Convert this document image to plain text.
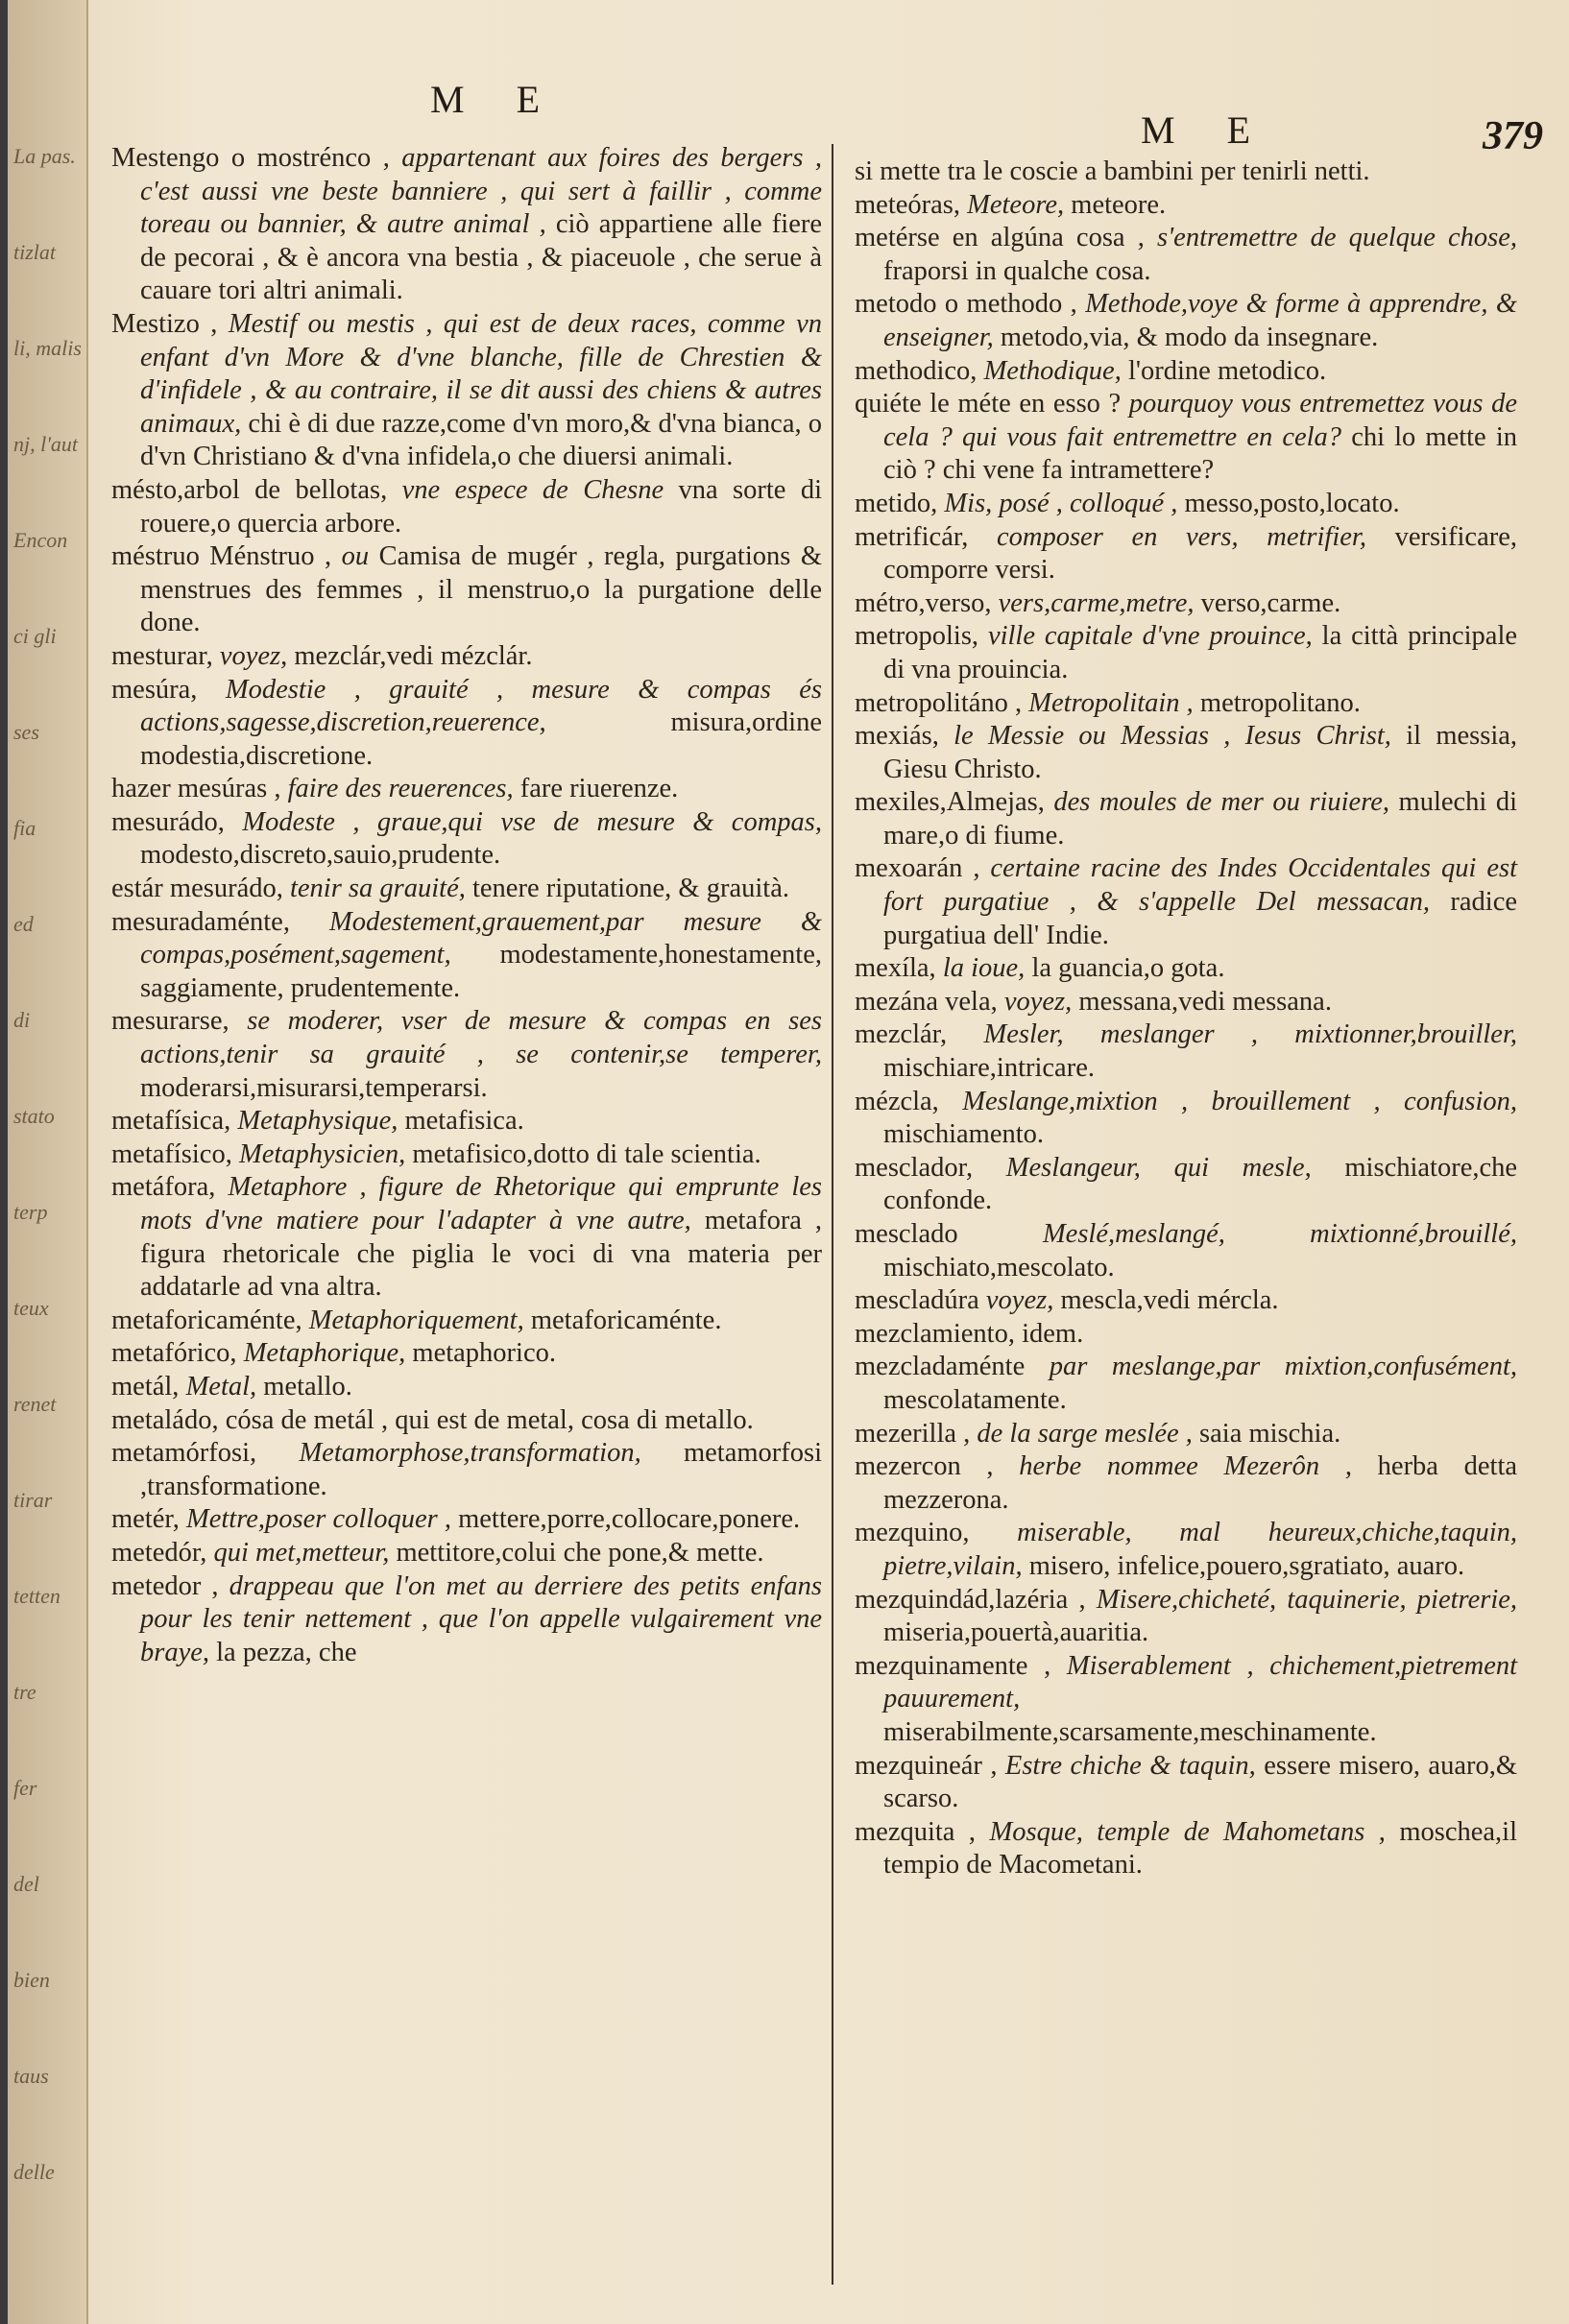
La pas.
tizlat
li, malis
nj, l'aut
Encon
ci gli
ses
fia
ed
di
stato
terp
teux
renet
tirar
tetten
tre
fer
del
bien
taus
delle
M E
M E	379

Mestengo o mostrénco , appartenant aux foires des bergers , c'est aussi vne beste banniere , qui sert à faillir , comme toreau ou bannier, & autre animal , ciò appartiene alle fiere de pecorai , & è ancora vna bestia , & piaceuole , che serue à cauare tori altri animali.

Mestizo , Mestif ou mestis , qui est de deux races, comme vn enfant d'vn More & d'vne blanche, fille de Chrestien & d'infidele , & au contraire, il se dit aussi des chiens & autres animaux, chi è di due razze,come d'vn moro,& d'vna bianca, o d'vn Christiano & d'vna infidela,o che diuersi animali.

mésto,arbol de bellotas, vne espece de Chesne vna sorte di rouere,o quercia arbore.

méstruo Ménstruo , ou Camisa de mugér , regla, purgations & menstrues des femmes , il menstruo,o la purgatione delle done.

mesturar, voyez, mezclár,vedi mézclár.

mesúra, Modestie , grauité , mesure & compas és actions,sagesse,discretion,reuerence,	misura,ordine modestia,discretione.

hazer mesúras , faire des reuerences, fare riuerenze.

mesurádo, Modeste , graue,qui vse de mesure & compas, modesto,discreto,sauio,prudente.

estár mesurádo, tenir sa grauité, tenere riputatione, & grauità.

mesuradaménte, Modestement,grauement,par mesure & compas,posément,sagement, modestamente,honestamente, saggiamente, prudentemente.

mesurarse, se moderer, vser de mesure & compas en ses actions,tenir sa grauité , se contenir,se temperer, moderarsi,misurarsi,temperarsi.

metafísica, Metaphysique, metafisica.

metafísico, Metaphysicien, metafisico,dotto di tale scientia.

metáfora, Metaphore , figure de Rhetorique qui emprunte les mots d'vne matiere pour l'adapter à vne autre, metafora , figura rhetoricale che piglia le voci di vna materia per addatarle ad vna altra.

metaforicaménte, Metaphoriquement, metaforicaménte.

metafórico, Metaphorique, metaphorico.

metál, Metal, metallo.

metaládo, cósa de metál , qui est de metal, cosa di metallo.

metamórfosi, Metamorphose,transformation, metamorfosi ,transformatione.

metér, Mettre,poser colloquer , mettere,porre,collocare,ponere.

metedór, qui met,metteur, mettitore,colui che pone,& mette.

metedor , drappeau que l'on met au derriere des petits enfans pour les tenir nettement , que l'on appelle vulgairement vne braye, la pezza, che

si mette tra le coscie a bambini per tenirli netti.

meteóras, Meteore, meteore.

metérse en algúna cosa , s'entremettre de quelque chose, fraporsi in qualche cosa.

metodo o methodo , Methode,voye & forme à apprendre, & enseigner, metodo,via, & modo da insegnare.

methodico, Methodique, l'ordine metodico.

quiéte le méte en esso ? pourquoy vous entremettez vous de cela ? qui vous fait entremettre en cela? chi lo mette in ciò ? chi vene fa intramettere?

metido, Mis, posé , colloqué , messo,posto,locato.

metrificár, composer en vers, metrifier, versificare, comporre versi.

métro,verso, vers,carme,metre, verso,carme.

metropolis, ville capitale d'vne prouince, la città principale di vna prouincia.

metropolitáno , Metropolitain , metropolitano.

mexiás, le Messie ou Messias , Iesus Christ, il messia, Giesu Christo.

mexiles,Almejas, des moules de mer ou riuiere, mulechi di mare,o di fiume.

mexoarán , certaine racine des Indes Occidentales qui est fort purgatiue , & s'appelle Del messacan, radice purgatiua dell' Indie.

mexíla, la ioue, la guancia,o gota.

mezána vela, voyez, messana,vedi messana.

mezclár, Mesler, meslanger , mixtionner,brouiller, mischiare,intricare.

mézcla, Meslange,mixtion , brouillement , confusion, mischiamento.

mesclador, Meslangeur, qui mesle, mischiatore,che confonde.

mesclado	Meslé,meslangé, mixtionné,brouillé, mischiato,mescolato.

mescladúra voyez, mescla,vedi mércla.

mezclamiento, idem.

mezcladaménte par meslange,par mixtion,confusément, mescolatamente.

mezerilla , de la sarge meslée , saia mischia.

mezercon , herbe nommee Mezerôn , herba detta mezzerona.

mezquino, miserable, mal heureux,chiche,taquin, pietre,vilain, misero, infelice,pouero,sgratiato, auaro.

mezquindád,lazéria , Misere,chicheté, taquinerie, pietrerie, miseria,pouertà,auaritia.

mezquinamente , Miserablement , chichement,pietrement pauurement, miserabilmente,scarsamente,meschinamente.

mezquineár , Estre chiche & taquin, essere misero, auaro,& scarso.

mezquita , Mosque, temple de Mahometans , moschea,il tempio de Macometani.
